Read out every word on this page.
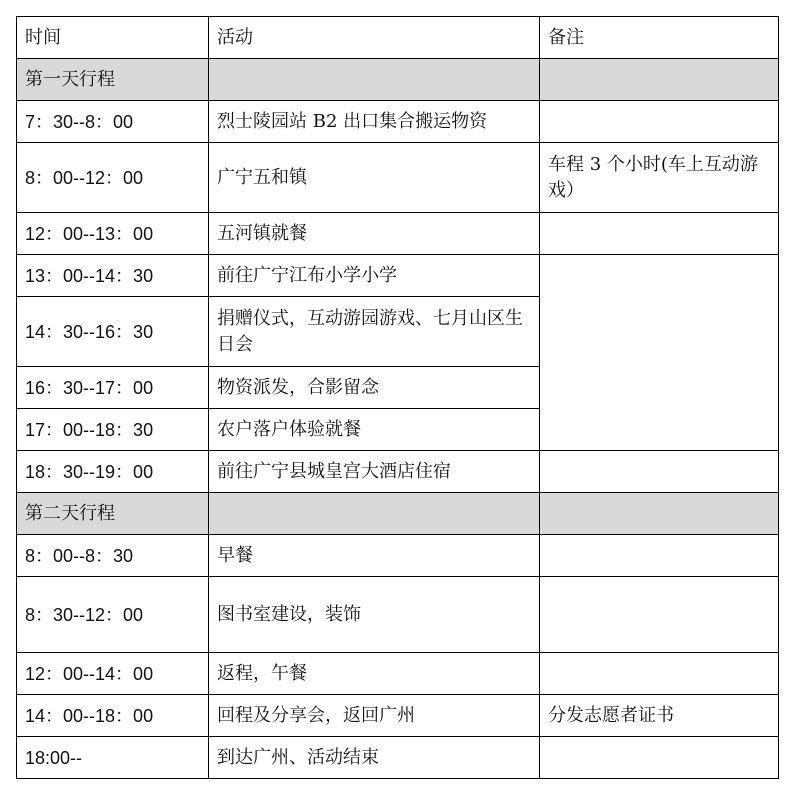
时间	活动	备注
第一天行程		
7：30--8：00	烈士陵园站 B2 出口集合搬运物资	
8：00--12：00	广宁五和镇	车程 3 个小时(车上互动游戏）
12：00--13：00	五河镇就餐	
13：00--14：30	前往广宁江布小学小学	
14：30--16：30	捐赠仪式，互动游园游戏、七月山区生日会	
16：30--17：00	物资派发，合影留念	
17：00--18：30	农户落户体验就餐	
18：30--19：00	前往广宁县城皇宫大酒店住宿	
第二天行程		
8：00--8：30	早餐	
8：30--12：00	图书室建设，装饰	
12：00--14：00	返程，午餐	
14：00--18：00	回程及分享会，返回广州	分发志愿者证书
18:00--	到达广州、活动结束	
